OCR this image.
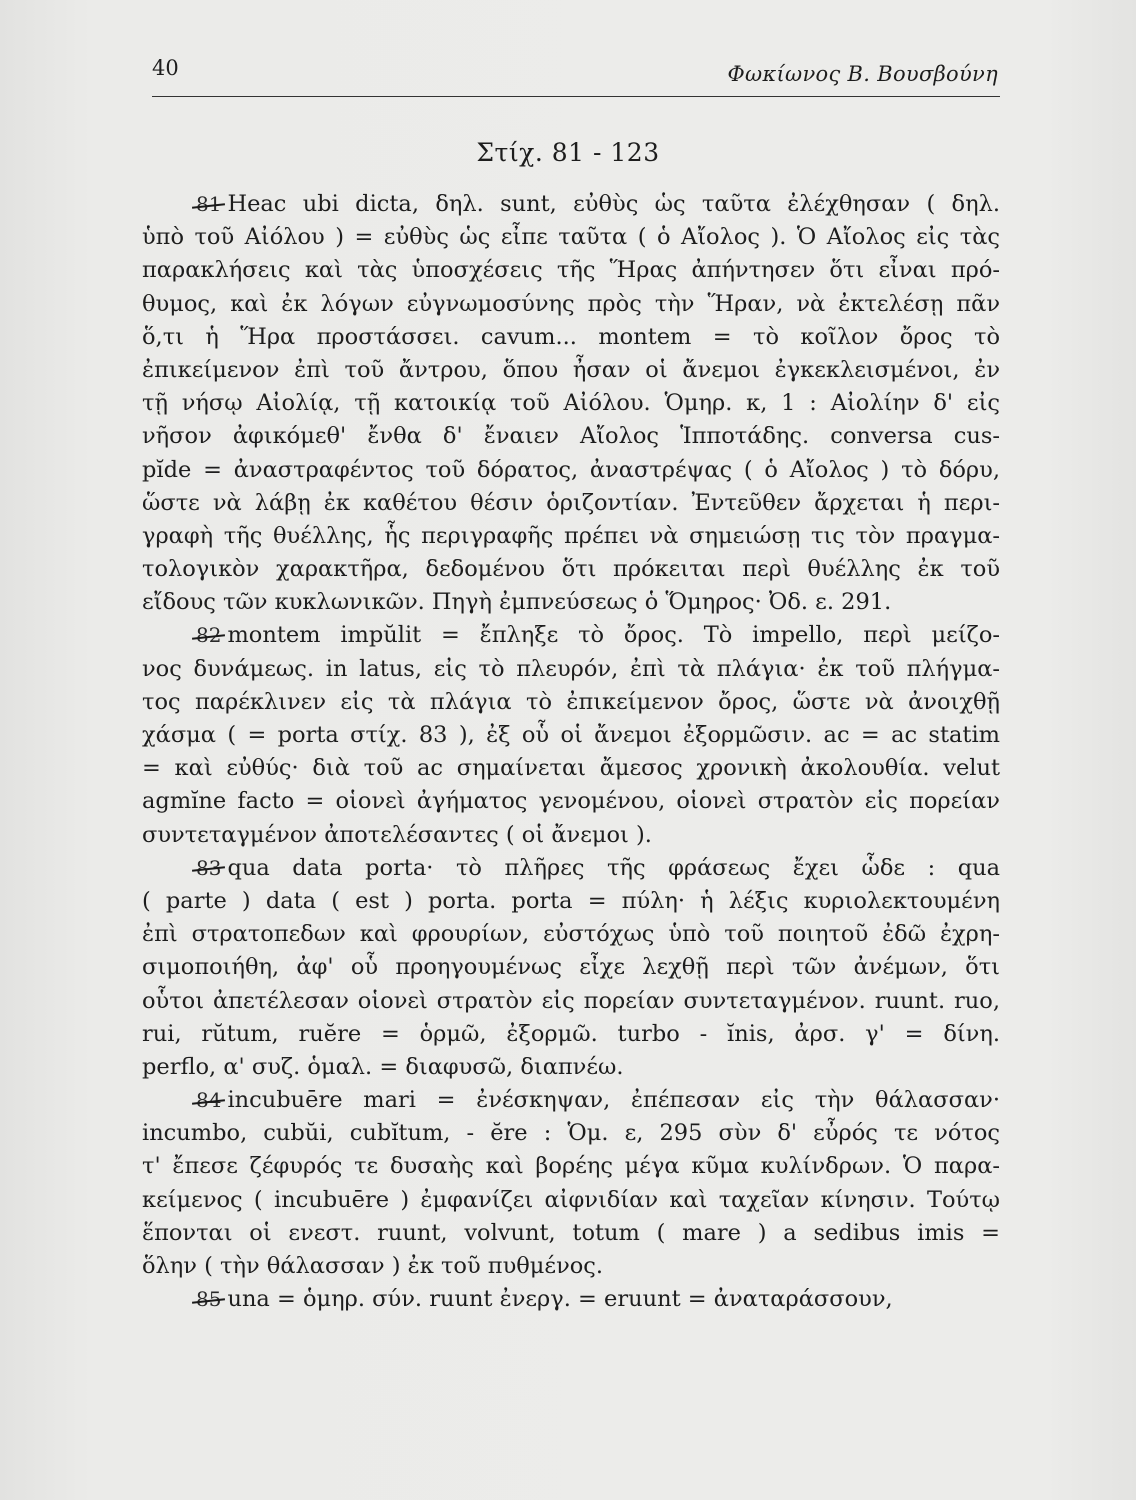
40	Φωκίωνος Β. Βουσβούνη
Στίχ. 81 - 123
81 Heac ubi dicta, δηλ. sunt, εὐθὺς ὡς ταῦτα ἐλέχθησαν ( δηλ.
ὑπὸ τοῦ Αἰόλου ) = εὐθὺς ὡς εἶπε ταῦτα ( ὁ Αἴολος ). Ὁ Αἴολος εἰς τὰς
παρακλήσεις καὶ τὰς ὑποσχέσεις τῆς Ἥρας ἀπήντησεν ὅτι εἶναι πρό-
θυμος, καὶ ἐκ λόγων εὐγνωμοσύνης πρὸς τὴν Ἥραν, νὰ ἐκτελέσῃ πᾶν
ὅ,τι ἡ Ἥρα προστάσσει. cavum... montem = τὸ κοῖλον ὄρος τὸ
ἐπικείμενον ἐπὶ τοῦ ἄντρου, ὅπου ἦσαν οἱ ἄνεμοι ἐγκεκλεισμένοι, ἐν
τῇ νήσῳ Αἰολίᾳ, τῇ κατοικίᾳ τοῦ Αἰόλου. Ὁμηρ. κ, 1 : Αἰολίην δ' εἰς
νῆσον ἀφικόμεθ' ἔνθα δ' ἔναιεν Αἴολος Ἱπποτάδης. conversa cus-
pĭde = ἀναστραφέντος τοῦ δόρατος, ἀναστρέψας ( ὁ Αἴολος ) τὸ δόρυ,
ὥστε νὰ λάβῃ ἐκ καθέτου θέσιν ὁριζοντίαν. Ἐντεῦθεν ἄρχεται ἡ περι-
γραφὴ τῆς θυέλλης, ἧς περιγραφῆς πρέπει νὰ σημειώσῃ τις τὸν πραγμα-
τολογικὸν χαρακτῆρα, δεδομένου ὅτι πρόκειται περὶ θυέλλης ἐκ τοῦ
εἴδους τῶν κυκλωνικῶν. Πηγὴ ἐμπνεύσεως ὁ Ὅμηρος· Ὀδ. ε. 291.
82 montem impŭlit = ἔπληξε τὸ ὄρος. Τὸ impello, περὶ μείζο-
νος δυνάμεως. in latus, εἰς τὸ πλευρόν, ἐπὶ τὰ πλάγια· ἐκ τοῦ πλήγμα-
τος παρέκλινεν εἰς τὰ πλάγια τὸ ἐπικείμενον ὄρος, ὥστε νὰ ἀνοιχθῇ
χάσμα ( = porta στίχ. 83 ), ἐξ οὗ οἱ ἄνεμοι ἐξορμῶσιν. ac = ac statim
= καὶ εὐθύς· διὰ τοῦ ac σημαίνεται ἄμεσος χρονικὴ ἀκολουθία. velut
agmĭne facto = οἱονεὶ ἀγήματος γενομένου, οἱονεὶ στρατὸν εἰς πορείαν
συντεταγμένον ἀποτελέσαντες ( οἱ ἄνεμοι ).
83 qua data porta· τὸ πλῆρες τῆς φράσεως ἔχει ὧδε : qua
( parte ) data ( est ) porta. porta = πύλη· ἡ λέξις κυριολεκτουμένη
ἐπὶ στρατοπεδων καὶ φρουρίων, εὐστόχως ὑπὸ τοῦ ποιητοῦ ἐδῶ ἐχρη-
σιμοποιήθη, ἀφ' οὗ προηγουμένως εἶχε λεχθῇ περὶ τῶν ἀνέμων, ὅτι
οὗτοι ἀπετέλεσαν οἱονεὶ στρατὸν εἰς πορείαν συντεταγμένον. ruunt. ruo,
rui, rŭtum, ruĕre = ὁρμῶ, ἐξορμῶ. turbo - ĭnis, ἀρσ. γ' = δίνη.
perflo, α' συζ. ὁμαλ. = διαφυσῶ, διαπνέω.
84 incubuēre mari = ἐνέσκηψαν, ἐπέπεσαν εἰς τὴν θάλασσαν·
incumbo, cubŭi, cubĭtum, - ĕre : Ὁμ. ε, 295 σὺν δ' εὖρός τε νότος
τ' ἔπεσε ζέφυρός τε δυσαὴς καὶ βορέης μέγα κῦμα κυλίνδρων. Ὁ παρα-
κείμενος ( incubuēre ) ἐμφανίζει αἰφνιδίαν καὶ ταχεῖαν κίνησιν. Τούτῳ
ἕπονται οἱ ενεστ. ruunt, volvunt, totum ( mare ) a sedibus imis =
ὅλην ( τὴν θάλασσαν ) ἐκ τοῦ πυθμένος.
85 una = ὁμηρ. σύν. ruunt ἐνεργ. = eruunt = ἀναταράσσουν,
